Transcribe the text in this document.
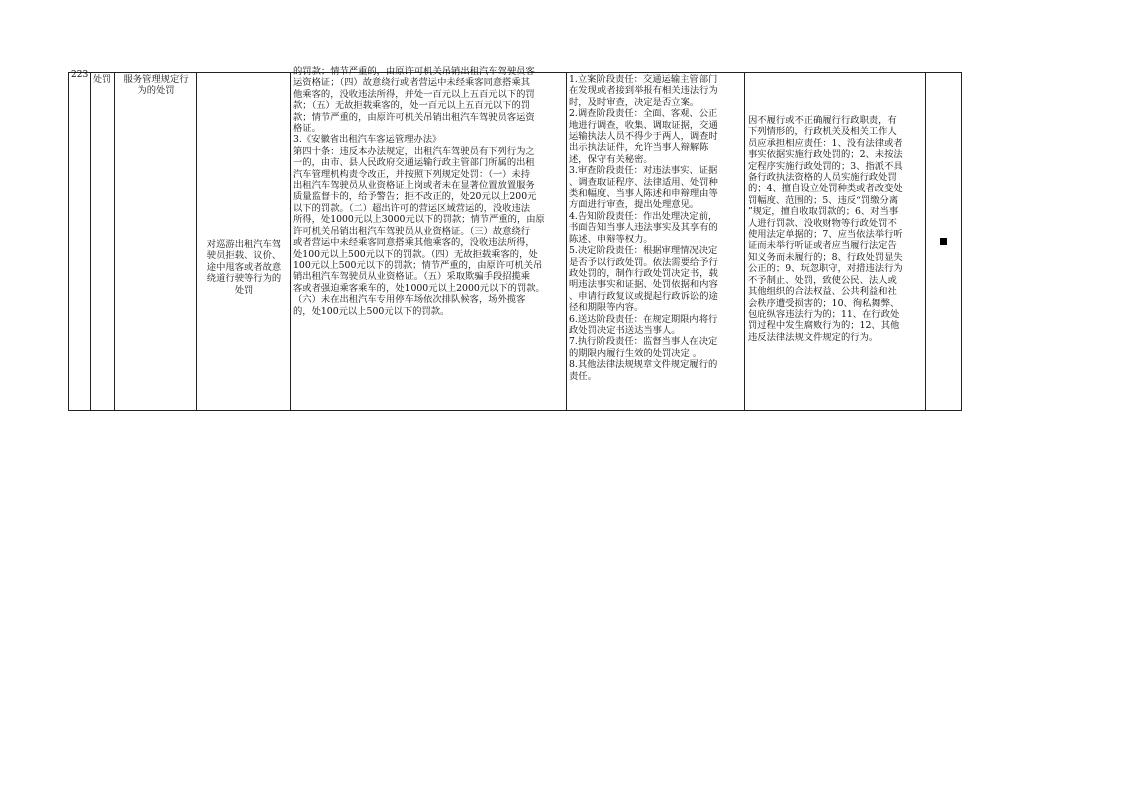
223 处罚	服务管理规定行
为的处罚
对巡游出租汽车驾
驶员拒载、议价、
途中甩客或者故意
绕道行驶等行为的
处罚
的罚款；情节严重的，由原许可机关吊销出租汽车驾驶员客
运资格证；（四）故意绕行或者营运中未经乘客同意搭乘其
他乘客的，没收违法所得，并处一百元以上五百元以下的罚
款；（五）无故拒载乘客的，处一百元以上五百元以下的罚
款；情节严重的，由原许可机关吊销出租汽车驾驶员客运资
格证。
3.《安徽省出租汽车客运管理办法》
第四十条：违反本办法规定，出租汽车驾驶员有下列行为之
一的，由市、县人民政府交通运输行政主管部门所属的出租
汽车管理机构责令改正，并按照下列规定处罚：（一）未持
出租汽车驾驶员从业资格证上岗或者未在显著位置放置服务
质量监督卡的，给予警告；拒不改正的，处20元以上200元
以下的罚款。（二）超出许可的营运区域营运的，没收违法
所得，处1000元以上3000元以下的罚款；情节严重的，由原
许可机关吊销出租汽车驾驶员从业资格证。（三）故意绕行
或者营运中未经乘客同意搭乘其他乘客的，没收违法所得，
处100元以上500元以下的罚款。（四）无故拒载乘客的，处
100元以上500元以下的罚款；情节严重的，由原许可机关吊
销出租汽车驾驶员从业资格证。（五）采取欺骗手段招揽乘
客或者强迫乘客乘车的，处1000元以上2000元以下的罚款。
（六）未在出租汽车专用停车场依次排队候客，场外揽客
的，处100元以上500元以下的罚款。
1.立案阶段责任：交通运输主管部门
在发现或者接到举报有相关违法行为
时，及时审查，决定是否立案。
2.调查阶段责任：全面、客观、公正
地进行调查，收集、调取证据，交通
运输执法人员不得少于两人，调查时
出示执法证件，允许当事人辩解陈
述，保守有关秘密。
3.审查阶段责任：对违法事实、证据
、调查取证程序、法律适用、处罚种
类和幅度、当事人陈述和申辩理由等
方面进行审查，提出处理意见。
4.告知阶段责任：作出处理决定前，
书面告知当事人违法事实及其享有的
陈述、申辩等权力。
5.决定阶段责任：根据审理情况决定
是否予以行政处罚。依法需要给予行
政处罚的，制作行政处罚决定书，载
明违法事实和证据、处罚依据和内容
、申请行政复议或提起行政诉讼的途
径和期限等内容。
6.送达阶段责任：在规定期限内将行
政处罚决定书送达当事人。
7.执行阶段责任：监督当事人在决定
的期限内履行生效的处罚决定 。
8.其他法律法规规章文件规定履行的
责任。
因不履行或不正确履行行政职责，有
下列情形的，行政机关及相关工作人
员应承担相应责任：1、没有法律或者
事实依据实施行政处罚的；2、未按法
定程序实施行政处罚的；3、指派不具
备行政执法资格的人员实施行政处罚
的；4、擅自设立处罚种类或者改变处
罚幅度、范围的；5、违反“罚缴分离
”规定，擅自收取罚款的；6、对当事
人进行罚款、没收财物等行政处罚不
使用法定单据的；7、应当依法举行听
证而未举行听证或者应当履行法定告
知义务而未履行的；8、行政处罚显失
公正的；9、玩忽职守，对措违法行为
不予制止、处罚，致使公民、法人或
其他组织的合法权益、公共利益和社
会秩序遭受损害的；10、徇私舞弊、
包庇纵容违法行为的；11、在行政处
罚过程中发生腐败行为的；12、其他
违反法律法规文件规定的行为。
